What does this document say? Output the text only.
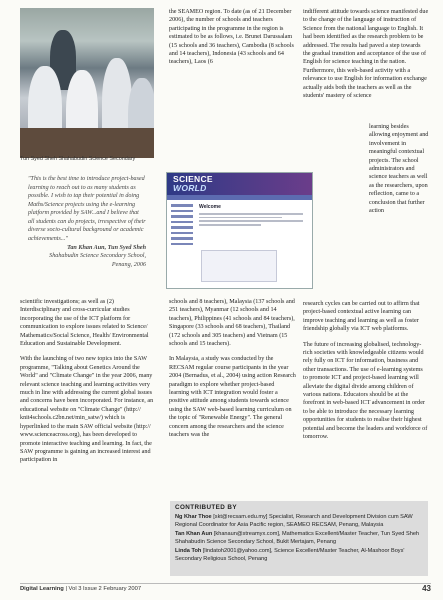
Tun Syed Sheh Shahabudin Science Secondary

"This is the best time to introduce project-based learning to reach out to as many students as possible. I wish to tap their potential in doing Maths/Science projects using the e-learning platform provided by SAW...and I believe that all students can do projects, irrespective of their diverse socio-cultural background or academic achievements..."

Tan Khan Aun, Tun Syed Sheh

Shahabudin Science Secondary School,

Penang, 2006

scientific investigations; as well as (2) Interdisciplinary and cross-curricular studies incorporating the use of the ICT platform for communication to explore issues related to Science/ Mathematics/Social Science, Health/ Environmental Education and Sustainable Development.

With the launching of two new topics into the SAW programme, "Talking about Genetics Around the World" and "Climate Change" in the year 2006, many relevant science teaching and learning activities very much in line with addressing the current global issues and concerns have been incorporated. For instance, an educational website on "Climate Change" (http:// knit4schools.c2bn.net/min_satw/) which is hyperlinked to the main SAW official website (http:// www.scienceacross.org), has been developed to promote interactive teaching and learning. In fact, the SAW programme is gaining an increased interest and participation in

the SEAMEO region. To date (as of 21 December 2006), the number of schools and teachers participating in the programme in the region is estimated to be as follows, i.e. Brunei Darussalam (15 schools and 36 teachers), Cambodia (8 schools and 14 teachers), Indonesia (43 schools and 64 teachers), Laos (6

SCIENCE
WORLD
Welcome

schools and 8 teachers), Malaysia (137 schools and 251 teachers), Myanmar (12 schools and 14 teachers), Philippines (41 schools and 84 teachers), Singapore (33 schools and 68 teachers), Thailand (172 schools and 305 teachers) and Vietnam (15 schools and 15 teachers).

In Malaysia, a study was conducted by the RECSAM regular course participants in the year 2004 (Bernadus, et al., 2004) using action Research paradigm to explore whether project-based learning with ICT integration would foster a positive attitude among students towards science using the SAW web-based learning curriculum on the topic of "Renewable Energy". The general concern among the researchers and the science teachers was the

indifferent attitude towards science manifested due to the change of the language of instruction of Science from the national language to English. It had been identified as the research problem to be addressed. The results had paved a step towards the gradual transition and acceptance of the use of English for science teaching in the nation. Furthermore, this web-based activity with a relevance to use English for information exchange actually aids both the teachers as well as the students' mastery of science

learning besides allowing enjoyment and involvement in meaningful contextual projects. The school administrators and science teachers as well as the researchers, upon reflection, came to a conclusion that further action

research cycles can be carried out to affirm that project-based contextual active learning can improve teaching and learning as well as foster friendship globally via ICT web platforms.

The future of increasing globalised, technology-rich societies with knowledgeable citizens would rely fully on ICT for information, business and other transactions. The use of e-learning systems to promote ICT and project-based learning will alleviate the digital divide among children of various nations. Educators should be at the forefront in web-based ICT advancement in order to be able to introduce the necessary learning opportunities for students to realise their highest potential and become the leaders and workforce of tomorrow.

CONTRIBUTED BY

Ng Khar Thoe [skt@recsam.edu.my] Specialist, Research and Development Division cum SAW Regional Coordinator for Asia Pacific region, SEAMEO RECSAM, Penang, Malaysia

Tan Khan Aun [khanaun@streamyx.com], Mathematics Excellent/Master Teacher, Tun Syed Sheh Shahabudin Science Secondary School, Bukit Mertajam, Penang

Linda Toh [lindatoh2001@yahoo.com], Science Excellent/Master Teacher, Al-Mashoor Boys' Secondary Religious School, Penang

Digital Learning | Vol 3 Issue 2 February 2007	43
